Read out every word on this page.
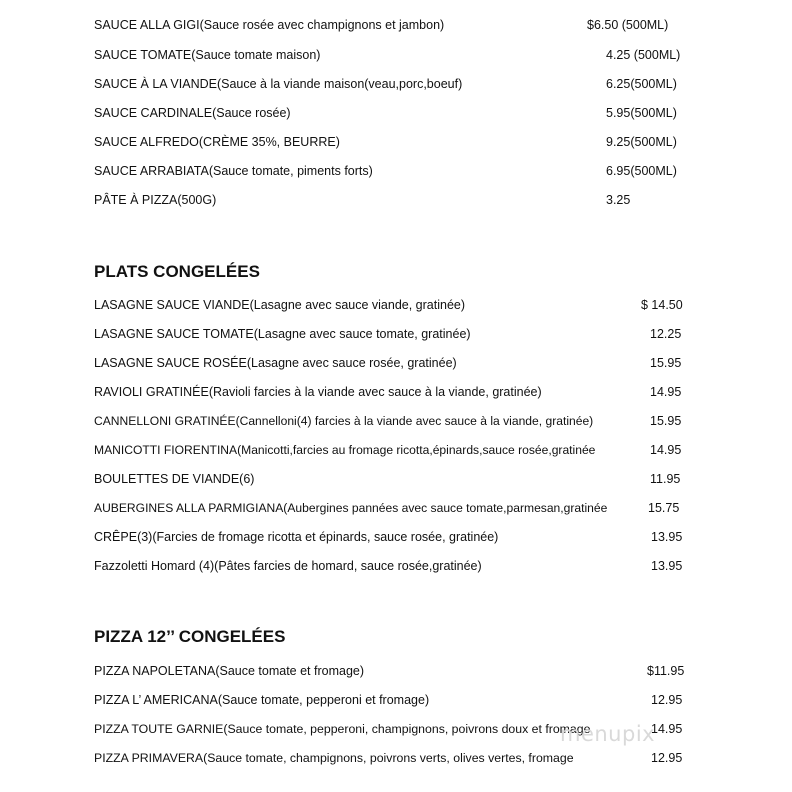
SAUCE ALLA GIGI(Sauce rosée avec champignons et jambon)	$6.50 (500ML)
SAUCE TOMATE(Sauce tomate maison)	4.25 (500ML)
SAUCE À LA VIANDE(Sauce à la viande maison(veau,porc,boeuf)	6.25(500ML)
SAUCE CARDINALE(Sauce rosée)	5.95(500ML)
SAUCE ALFREDO(CRÈME 35%, BEURRE)	9.25(500ML)
SAUCE ARRABIATA(Sauce tomate, piments forts)	6.95(500ML)
PÂTE À PIZZA(500G)	3.25
PLATS CONGELÉES
LASAGNE SAUCE VIANDE(Lasagne avec sauce viande, gratinée)	$ 14.50
LASAGNE SAUCE TOMATE(Lasagne avec sauce tomate, gratinée)	12.25
LASAGNE SAUCE ROSÉE(Lasagne avec sauce rosée, gratinée)	15.95
RAVIOLI GRATINÉE(Ravioli farcies à la viande avec sauce à la viande, gratinée)	14.95
CANNELLONI GRATINÉE(Cannelloni(4) farcies à la viande avec sauce à la viande, gratinée)	15.95
MANICOTTI FIORENTINA(Manicotti,farcies au fromage ricotta,épinards,sauce rosée,gratinée	14.95
BOULETTES DE VIANDE(6)	11.95
AUBERGINES ALLA PARMIGIANA(Aubergines pannées avec sauce tomate,parmesan,gratinée	15.75
CRÊPE(3)(Farcies de fromage ricotta et épinards, sauce rosée, gratinée)	13.95
Fazzoletti Homard (4)(Pâtes farcies de homard, sauce rosée,gratinée)	13.95
PIZZA 12’’ CONGELÉES
PIZZA NAPOLETANA(Sauce tomate et fromage)	$11.95
PIZZA L’ AMERICANA(Sauce tomate, pepperoni et fromage)	12.95
PIZZA TOUTE GARNIE(Sauce tomate, pepperoni, champignons, poivrons doux et fromage	14.95
PIZZA PRIMAVERA(Sauce tomate, champignons, poivrons verts, olives vertes, fromage	12.95
menupix
